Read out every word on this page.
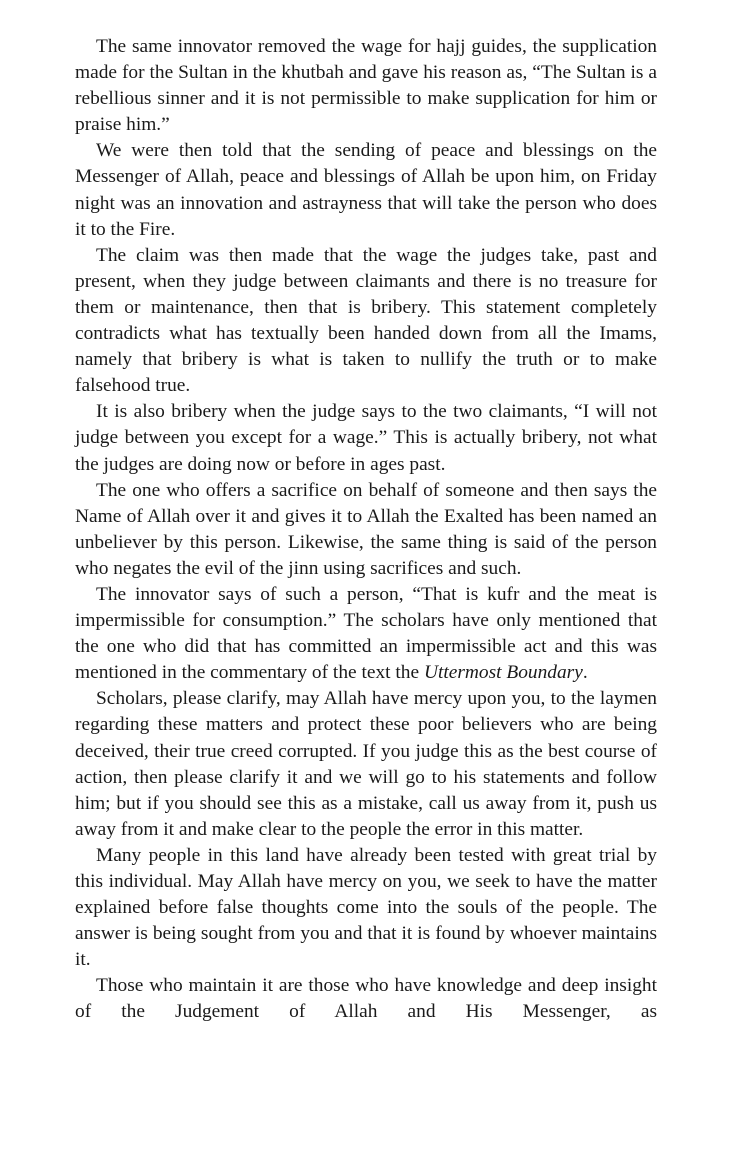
The same innovator removed the wage for hajj guides, the supplication made for the Sultan in the khutbah and gave his reason as, “The Sultan is a rebellious sinner and it is not permissible to make supplication for him or praise him.”

We were then told that the sending of peace and blessings on the Messenger of Allah, peace and blessings of Allah be upon him, on Friday night was an innovation and astrayness that will take the person who does it to the Fire.

The claim was then made that the wage the judges take, past and present, when they judge between claimants and there is no treasure for them or maintenance, then that is bribery. This statement completely contradicts what has textually been handed down from all the Imams, namely that bribery is what is taken to nullify the truth or to make falsehood true.

It is also bribery when the judge says to the two claimants, “I will not judge between you except for a wage.” This is actually bribery, not what the judges are doing now or before in ages past.

The one who offers a sacrifice on behalf of someone and then says the Name of Allah over it and gives it to Allah the Exalted has been named an unbeliever by this person. Likewise, the same thing is said of the person who negates the evil of the jinn using sacrifices and such.

The innovator says of such a person, “That is kufr and the meat is impermissible for consumption.” The scholars have only mentioned that the one who did that has committed an impermissible act and this was mentioned in the commentary of the text the Uttermost Boundary.

Scholars, please clarify, may Allah have mercy upon you, to the laymen regarding these matters and protect these poor believers who are being deceived, their true creed corrupted. If you judge this as the best course of action, then please clarify it and we will go to his statements and follow him; but if you should see this as a mistake, call us away from it, push us away from it and make clear to the people the error in this matter.

Many people in this land have already been tested with great trial by this individual. May Allah have mercy on you, we seek to have the matter explained before false thoughts come into the souls of the people. The answer is being sought from you and that it is found by whoever maintains it.

Those who maintain it are those who have knowledge and deep insight of the Judgement of Allah and His Messenger, as
